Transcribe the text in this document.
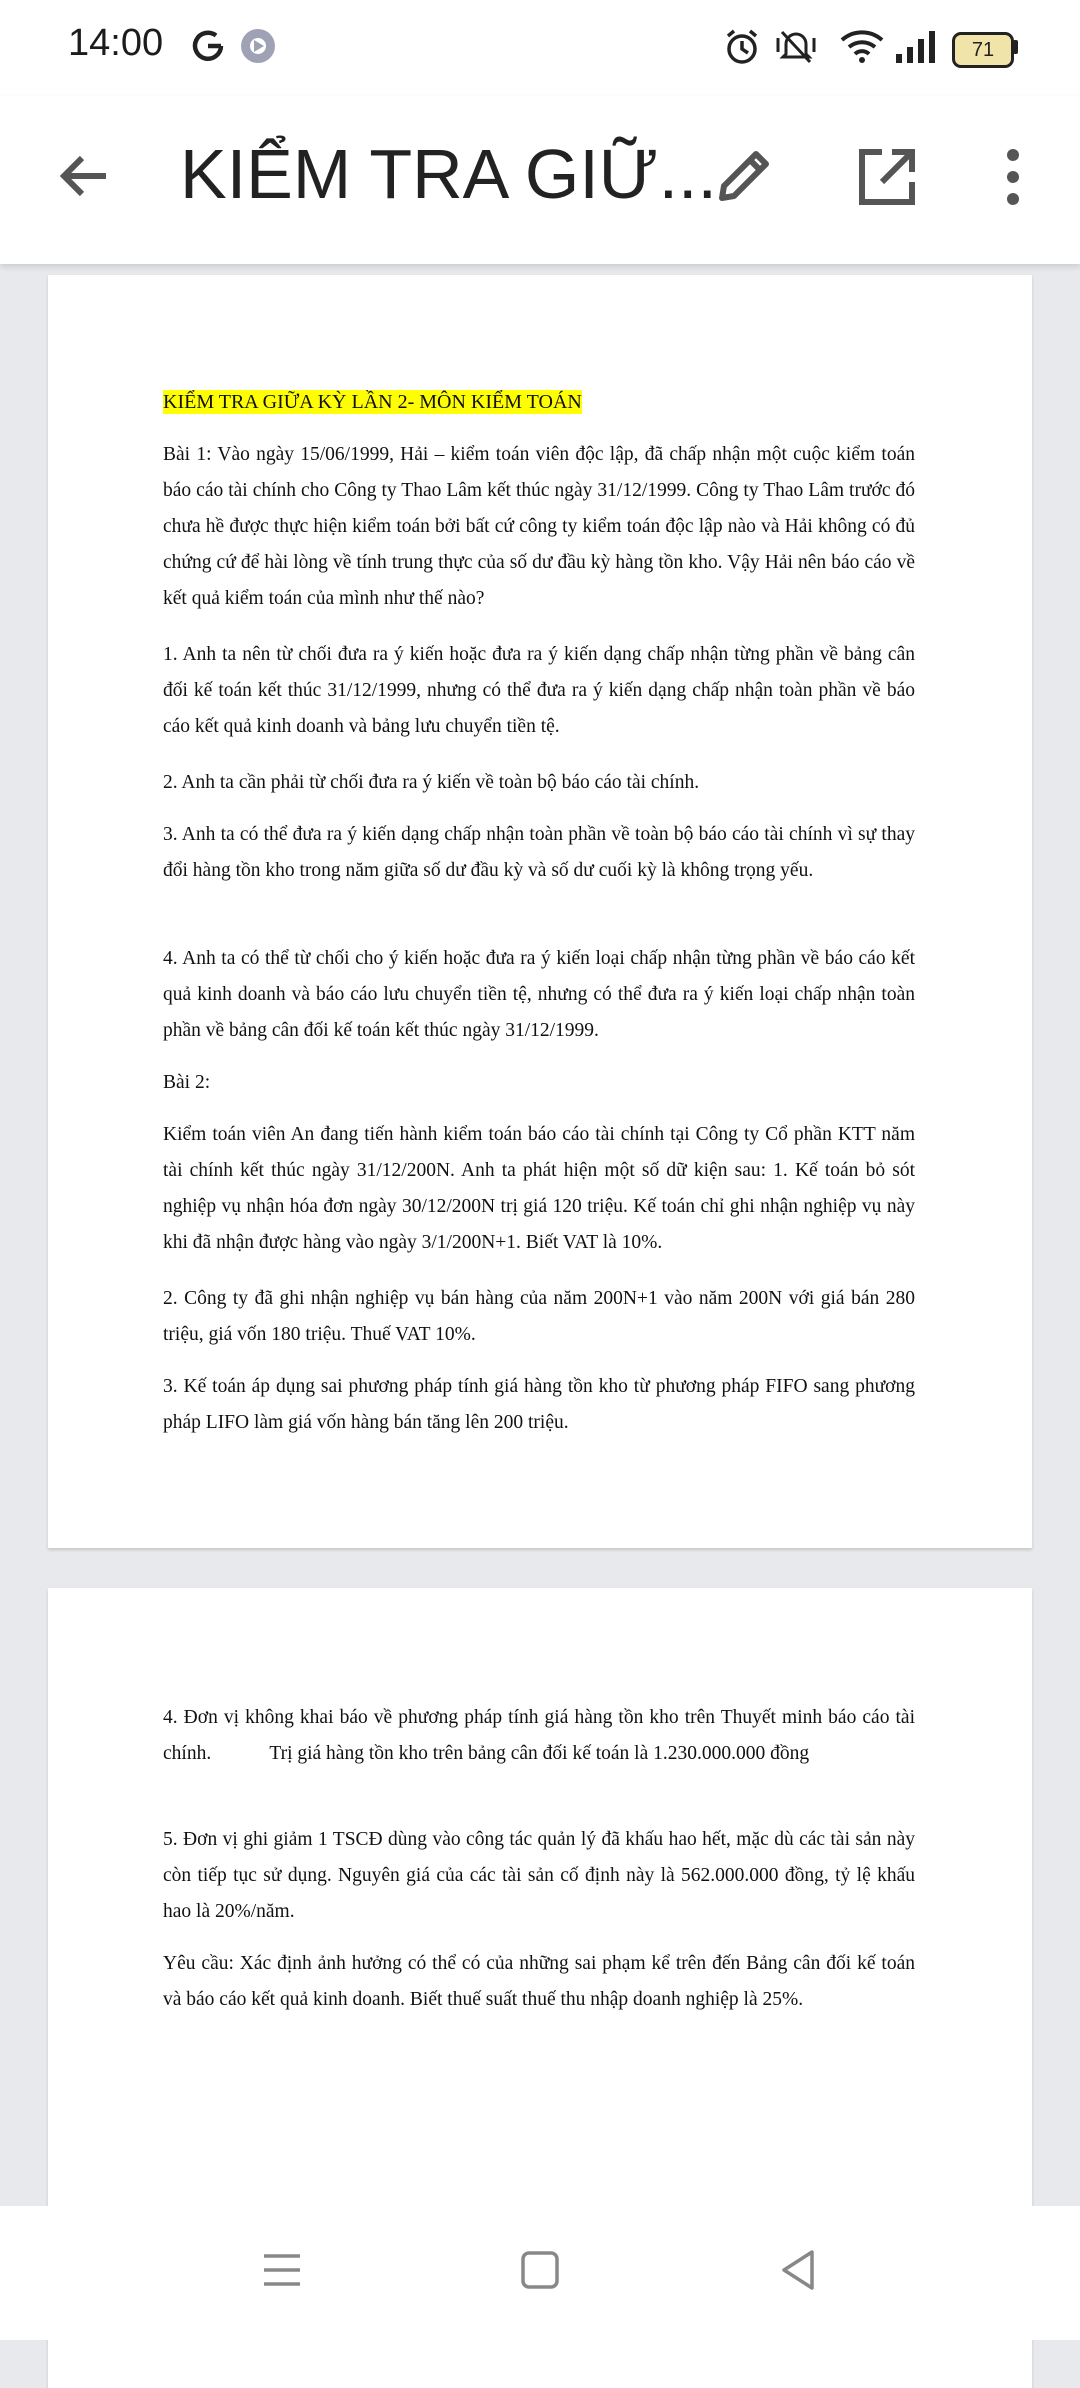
14:00	71
KIỂM TRA GIỮ...
KIỂM TRA GIỮA KỲ LẦN 2- MÔN KIỂM TOÁN

Bài 1: Vào ngày 15/06/1999, Hải – kiểm toán viên độc lập, đã chấp nhận một cuộc kiểm toán báo cáo tài chính cho Công ty Thao Lâm kết thúc ngày 31/12/1999. Công ty Thao Lâm trước đó chưa hề được thực hiện kiểm toán bởi bất cứ công ty kiểm toán độc lập nào và Hải không có đủ chứng cứ để hài lòng về tính trung thực của số dư đầu kỳ hàng tồn kho. Vậy Hải nên báo cáo về kết quả kiểm toán của mình như thế nào?

1. Anh ta nên từ chối đưa ra ý kiến hoặc đưa ra ý kiến dạng chấp nhận từng phần về bảng cân đối kế toán kết thúc 31/12/1999, nhưng có thể đưa ra ý kiến dạng chấp nhận toàn phần về báo cáo kết quả kinh doanh và bảng lưu chuyển tiền tệ.

2. Anh ta cần phải từ chối đưa ra ý kiến về toàn bộ báo cáo tài chính.

3. Anh ta có thể đưa ra ý kiến dạng chấp nhận toàn phần về toàn bộ báo cáo tài chính vì sự thay đổi hàng tồn kho trong năm giữa số dư đầu kỳ và số dư cuối kỳ là không trọng yếu.

4. Anh ta có thể từ chối cho ý kiến hoặc đưa ra ý kiến loại chấp nhận từng phần về báo cáo kết quả kinh doanh và báo cáo lưu chuyển tiền tệ, nhưng có thể đưa ra ý kiến loại chấp nhận toàn phần về bảng cân đối kế toán kết thúc ngày 31/12/1999.

Bài 2:

Kiểm toán viên An đang tiến hành kiểm toán báo cáo tài chính tại Công ty Cổ phần KTT năm tài chính kết thúc ngày 31/12/200N. Anh ta phát hiện một số dữ kiện sau: 1. Kế toán bỏ sót nghiệp vụ nhận hóa đơn ngày 30/12/200N trị giá 120 triệu. Kế toán chỉ ghi nhận nghiệp vụ này khi đã nhận được hàng vào ngày 3/1/200N+1. Biết VAT là 10%.

2. Công ty đã ghi nhận nghiệp vụ bán hàng của năm 200N+1 vào năm 200N với giá bán 280 triệu, giá vốn 180 triệu. Thuế VAT 10%.

3. Kế toán áp dụng sai phương pháp tính giá hàng tồn kho từ phương pháp FIFO sang phương pháp LIFO làm giá vốn hàng bán tăng lên 200 triệu.

4. Đơn vị không khai báo về phương pháp tính giá hàng tồn kho trên Thuyết minh báo cáo tài chính.            Trị giá hàng tồn kho trên bảng cân đối kế toán là 1.230.000.000 đồng

5. Đơn vị ghi giảm 1 TSCĐ dùng vào công tác quản lý đã khấu hao hết, mặc dù các tài sản này còn tiếp tục sử dụng. Nguyên giá của các tài sản cố định này là 562.000.000 đồng, tỷ lệ khấu hao là 20%/năm.

Yêu cầu: Xác định ảnh hưởng có thể có của những sai phạm kể trên đến Bảng cân đối kế toán và báo cáo kết quả kinh doanh. Biết thuế suất thuế thu nhập doanh nghiệp là 25%.
